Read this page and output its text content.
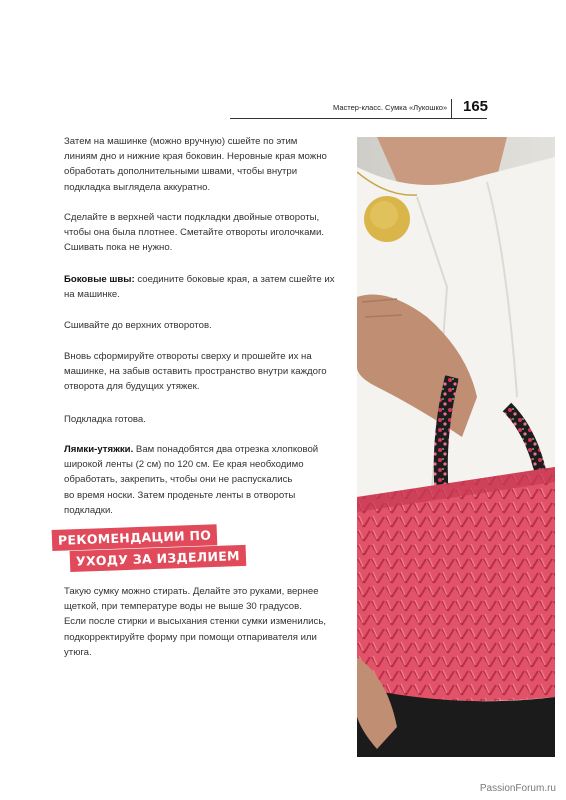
Мастер-класс. Сумка «Лукошко» 165

Затем на машинке (можно вручную) сшейте по этим

линиям дно и нижние края боковин. Неровные края можно

обработать дополнительными швами, чтобы внутри

подкладка выглядела аккуратно.

Сделайте в верхней части подкладки двойные отвороты,

чтобы она была плотнее. Сметайте отвороты иголочками.

Сшивать пока не нужно.

Боковые швы: соедините боковые края, а затем сшейте их

на машинке.

Сшивайте до верхних отворотов.

Вновь сформируйте отвороты сверху и прошейте их на

машинке, на забыв оставить пространство внутри каждого

отворота для будущих утяжек.

Подкладка готова.

Лямки-утяжки. Вам понадобятся два отрезка хлопковой

широкой ленты (2 см) по 120 см. Ее края необходимо

обработать, закрепить, чтобы они не распускались

во время носки. Затем проденьте ленты в отвороты

подкладки.

РЕКОМЕНДАЦИИ ПО
УХОДУ ЗА ИЗДЕЛИЕМ

Такую сумку можно стирать. Делайте это руками, вернее

щеткой, при температуре воды не выше 30 градусов.

Если после стирки и высыхания стенки сумки изменились,

подкорректируйте форму при помощи отпаривателя или

утюга.

PassionForum.ru
